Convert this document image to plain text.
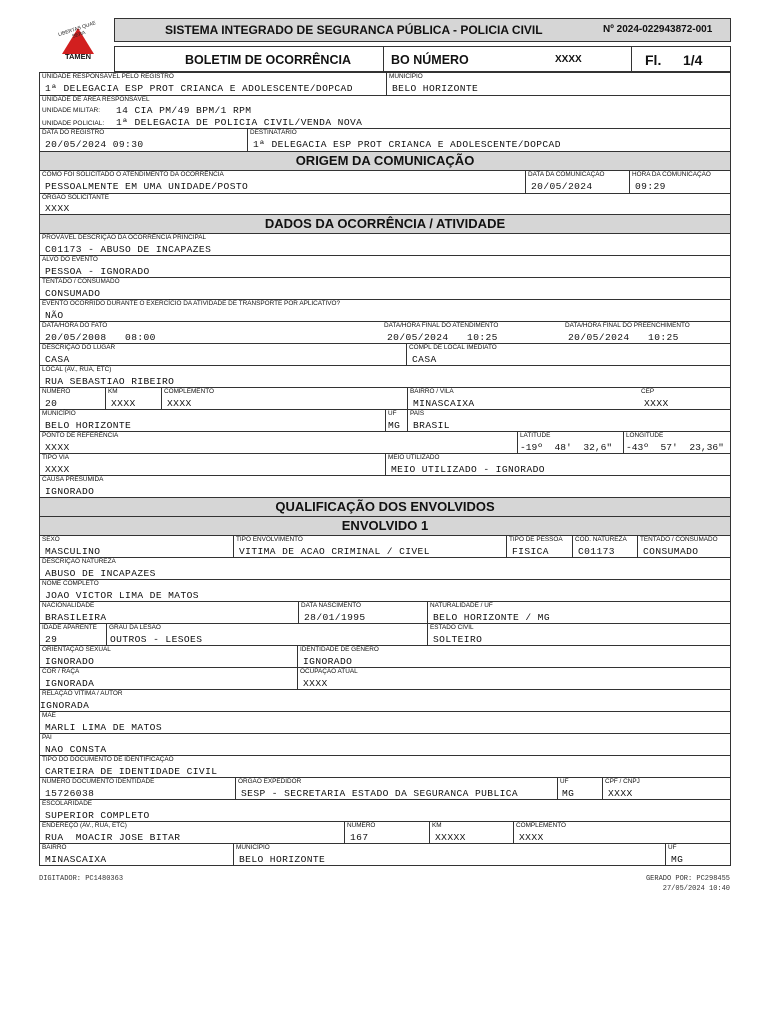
LIBERTAS QUAE SERA
TAMEN
SISTEMA INTEGRADO DE SEGURANCA PÚBLICA - POLICIA CIVIL	Nº 2024-022943872-001
BOLETIM DE OCORRÊNCIA	BO NÚMERO	XXXX	Fl. 1/4
UNIDADE RESPONSÁVEL PELO REGISTRO
1ª DELEGACIA ESP PROT CRIANCA E ADOLESCENTE/DOPCAD
MUNICÍPIO
BELO HORIZONTE
UNIDADE DE ÁREA RESPONSÁVEL
UNIDADE MILITAR: 14 CIA PM/49 BPM/1 RPM
UNIDADE POLICIAL: 1ª DELEGACIA DE POLICIA CIVIL/VENDA NOVA
DATA DO REGISTRO
20/05/2024 09:30
DESTINATÁRIO
1ª DELEGACIA ESP PROT CRIANCA E ADOLESCENTE/DOPCAD
ORIGEM DA COMUNICAÇÃO
COMO FOI SOLICITADO O ATENDIMENTO DA OCORRÊNCIA
PESSOALMENTE EM UMA UNIDADE/POSTO
DATA DA COMUNICAÇÃO
20/05/2024
HORA DA COMUNICAÇÃO
09:29
ÓRGÃO SOLICITANTE
XXXX
DADOS DA OCORRÊNCIA / ATIVIDADE
PROVÁVEL DESCRIÇÃO DA OCORRÊNCIA PRINCIPAL
C01173 - ABUSO DE INCAPAZES
ALVO DO EVENTO
PESSOA - IGNORADO
TENTADO / CONSUMADO
CONSUMADO
EVENTO OCORRIDO DURANTE O EXERCÍCIO DA ATIVIDADE DE TRANSPORTE POR APLICATIVO?
NÃO
DATA/HORA DO FATO
20/05/2008   08:00
DATA/HORA FINAL DO ATENDIMENTO
20/05/2024   10:25
DATA/HORA FINAL DO PREENCHIMENTO
20/05/2024   10:25
DESCRIÇÃO DO LUGAR
CASA
COMPL DE LOCAL IMEDIATO
CASA
LOCAL (AV., RUA, ETC)
RUA SEBASTIAO RIBEIRO
NÚMERO
20
KM
XXXX
COMPLEMENTO
XXXX
BAIRRO / VILA
MINASCAIXA
CEP
XXXX
MUNICÍPIO
BELO HORIZONTE
UF
MG
PAÍS
BRASIL
PONTO DE REFERÊNCIA
XXXX
LATITUDE
-19º  48'  32,6"
LONGITUDE
-43º  57'  23,36"
TIPO VIA
XXXX
MEIO UTILIZADO
MEIO UTILIZADO - IGNORADO
CAUSA PRESUMIDA
IGNORADO
QUALIFICAÇÃO DOS ENVOLVIDOS
ENVOLVIDO 1
SEXO
MASCULINO
TIPO ENVOLVIMENTO
VITIMA DE ACAO CRIMINAL / CIVEL
TIPO DE PESSOA
FISICA
COD. NATUREZA
C01173
TENTADO / CONSUMADO
CONSUMADO
DESCRIÇÃO NATUREZA
ABUSO DE INCAPAZES
NOME COMPLETO
JOAO VICTOR LIMA DE MATOS
NACIONALIDADE
BRASILEIRA
DATA NASCIMENTO
28/01/1995
NATURALIDADE / UF
BELO HORIZONTE / MG
IDADE APARENTE
29
GRAU DA LESÃO
OUTROS - LESOES
ESTADO CIVIL
SOLTEIRO
ORIENTAÇÃO SEXUAL
IGNORADO
IDENTIDADE DE GÊNERO
IGNORADO
COR / RAÇA
IGNORADA
OCUPAÇÃO ATUAL
XXXX
RELAÇÃO VÍTIMA / AUTOR
IGNORADA
MÃE
MARLI LIMA DE MATOS
PAI
NAO CONSTA
TIPO DO DOCUMENTO DE IDENTIFICAÇÃO
CARTEIRA DE IDENTIDADE CIVIL
NÚMERO DOCUMENTO IDENTIDADE
15726038
ÓRGÃO EXPEDIDOR
SESP - SECRETARIA ESTADO DA SEGURANCA PUBLICA
UF
MG
CPF / CNPJ
XXXX
ESCOLARIDADE
SUPERIOR COMPLETO
ENDEREÇO (AV., RUA, ETC)
RUA  MOACIR JOSE BITAR
NÚMERO
167
KM
XXXXX
COMPLEMENTO
XXXX
BAIRRO
MINASCAIXA
MUNICÍPIO
BELO HORIZONTE
UF
MG
DIGITADOR: PC1480363	GERADO POR: PC298455
27/05/2024 10:40
